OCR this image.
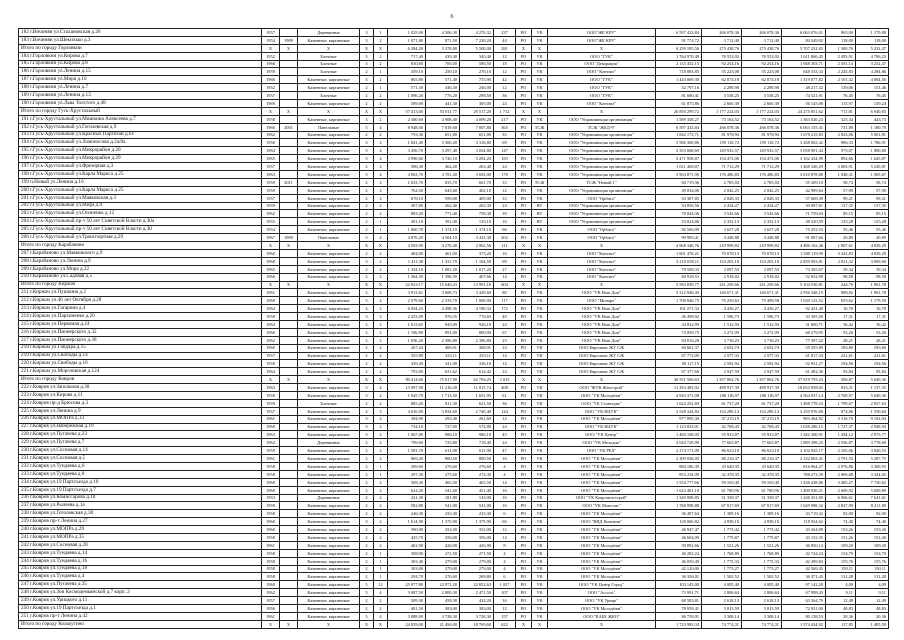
6
182 г.Вичиняи ул.Стахановская д.26	1957		Деревянные	3	1	1 025,00	4 506,30	4 270,32	237	РО	УК	ООО"ЖЕ КРУ"	6 597 433,84	266 078,36	266 078,36	6 063 076,01	865,00	1 179,88
183 г.Вичиняи ул.Шекилько д.3	1954	1989	Каменные, кирпичные	3	2	1 071,80	871,50	7 230,20	44	РО	УК	ООО"ЖЕ КРУ"	91 774,72	3 712,40	3 712,40	84 349,92	118,00	118,00
Итого по городу Горловкни	Х	Х	Х	Х	Х	6 284,20	5 378,80	5 500,00	281	Х	Х	Х	6 259 185,56	275 438,76	275 438,76	5 707 231,83	1 300,76	5 232,47
184 г.Горловкни ул.Кирова д.7	1952		Блочные	3	2	717,40	439,40	340,40	12	РО	УК	ООО "ГУК"	1 764 970,49	76 552,02	76 552,02	1 611 866,45	2 493,91	4 786,23
185 г.Горловкни ул.Кирова д.8	1966		Блочные	3	2	830,60	706,00	586,50	18	РО	УК	ООО "Декорация"	2 133 452,15	92 254,16	92 254,16	1 948 303,71	2 501,14	3 232,47
186 г.Горловкни ул.Ленина д.15	1959		Блочные	2	1	359,10	250,10	276,10	12	РО	УК	ООО "Контакт"	718 883,85	35 225,08	35 225,08	648 333,33	2 245,83	4 284,86
187 г.Горловкни ул.Мира д.10	1966		Каменные, кирпичные	3	2	865,80	571,40	755,90	42	РО	УК	ООО "ГУК"	1 443 069,30	62 074,18	62 074,18	1 319 077,82	2 101,32	4 084,56
188 г.Горловкни ул.Ленина д.7	1952		Каменные, кирпичные	2	1	571,30	346,30	246,00	12	РО	УК	ООО "ГУК"	52 797,16	2 289,98	2 289,98	48 217,32	139,06	151,46
189 г.Горловкни ул.Ленина д.13	1957		Блочные	2	2	1 096,20	776,20	298,50	36	РО	УК	ООО "ГУК"	81 680,41	3 538,25	3 538,25	74 521,91	76,45	76,45
190 г.Горловкни ул.Льва Толстого д.48	1969		Каменные, кирпичные	2	2	589,00	441,30	305,00	24	РО	УК	ООО "Контакт"	61 875,86	2 660,39	2 660,39	56 145,08	113,97	139,24
Итого по городу Гусь-Хрустальный	Х	Х	Х	Х	Х	57 413,00	53 011,77	29 517,20	1 712	Х	Х	Х	26 850 299,72	1 177 224,03	1 177 224,03	24 275 851,62	711,81	6 940,83
191 г.Гусь-Хрустальный ул.Мишкина Алексеева д.7	1958		Каменные, кирпичные	3	2	2 300,60	4 908,40	4 099,20	217	РО	УК	ООО "Управляющая организация"	1 589 358,27	73 164,52	73 164,52	1 363 020,23	325,34	443,73
192 г.Гусь-Хрустальный ул.Гоголевская д.9	1966	2001	Панельные	5	4	8 948,00	7 819,60	7 007,80	365	РО	ТСЖ	ТСЖ "ЖЕД-9"	6 597 433,84	266 078,36	266 078,36	6 063 155,41	731,89	1 180,70
193 г.Гусь-Хрустальный ул.Красных Партизан д.61	1962		Каменные, кирпичные	2	2	793,30	651,80	651,80	35	РО	УК	ООО "Управляющая организация"	1 842 173,71	81 978,94	81 978,94	1 678 215,83	2 823,06	5 001,81
194 г.Гусь-Хрустальный ул.Ломоносова д.2а/8а	1956		Каменные, кирпичные	3	2	1 841,40	3 300,20	3 316,80	69	РО	УК	ООО "Управляющая организация"	3 586 300,86	159 118,72	159 118,72	3 268 063,42	986,33	1 786,91
195 г.Гусь-Хрустальный ул.Микрорайон д.20	1964		Каменные, кирпичные	5	4	3 456,70	3 297,40	3 034,80	147	РО	УК	ООО "Управляющая организация"	3 353 068,69	149 933,57	149 933,57	3 058 901,44	975,07	1 800,80
196 г.Гусь-Хрустальный ул.Микрорайон д.29	1965		Каменные, кирпичные	5	4	3 990,00	3 720,10	3 292,20	183	РО	УК	ООО "Управляющая организация"	3 471 958,87	154 473,06	154 473,06	3 162 434,99	892,66	1 645,87
197 г.Гусь-Хрустальный ул.Фрезерная д.3	1957		Каменные, кирпичные	2	2	586,30	462,20	263,40	24	РО	УК	ООО "Управляющая организация"	1 611 468,87	71 712,29	71 712,29	1 468 320,29	3 003,91	5 249,81
198 г.Гусь-Хрустальный ул.Карла Маркса д.25	1963		Каменные, кирпичные	5	4	4 063,70	3 781,20	3 692,00	178	РО	УК	ООО "Управляющая организация"	3 963 871,96	176 486,83	176 486,83	3 610 878,80	1 048,31	1 905,67
199 п.Новый ул.Ленина д.16	1959	2011	Каменные, кирпичные	2	2	1 033,70	835,70	661,70	33	РО	ТСЖ	ТСЖ "Новый 1"	60 719,36	2 705,04	2 705,04	55 309,18	58,74	58,74
200 г.Гусь-Хрустальный ул.Карла Маркса д.25	1959		Каменные, кирпичные	2	2	764,50	645,60	402,10	12	РО	УК	ООО "Управляющая организация"	49 034,06	2 042,25	2 042,25	42 909,64	57,90	57,90
201 г.Гусь-Хрустальный ул.Маяковская д.3	1957		Каменные, кирпичные	2	2	678,10	599,00	409,00	33	РО	УК	ООО "Орбита"	63 387,85	2 828,33	2 828,33	57 669,39	99,21	99,21
202 г.Гусь-Хрустальный ул.Мира д.9	1959		Каменные, кирпичные	2	2	307,80	262,40	262,30	24	РО	ВТ	ООО "Управляющая организация"	54 856,56	2 434,27	2 434,27	50 087,61	137,35	137,35
203 г.Гусь-Хрустальный ул.Осипенко д.12	1962		Каменные, кирпичные	2	2	883,20	771,40	758,30	39	РО	ВТ	ООО "Управляющая организация"	78 844,36	3 542,66	3 542,66	71 759,04	85,15	85,15
204 г.Гусь-Хрустальный пр-т 50 лет Советской Власти д.30а	1955		Каменные, кирпичные	2	1	491,10	391,40	135,10	10	РО	ВТ	ООО "Управляющая организация"	53 024,86	2 352,13	2 352,13	48 320,59	125,28	125,28
205 г.Гусь-Хрустальный пр-т 50 лет Советской Власти д.30	1954		Каменные, кирпичные	2	1	1 660,70	1 374,10	1 374,10	66	РО	УК	ООО "Орбита"	82 566,09	3 657,28	3 657,28	75 252,53	55,46	55,46
206 г.Гусь-Хрустальный ул.Транспортная д.29	1967	1989	Панельные	5	4	4 876,20	4 504,10	3 441,30	202	РО	УК	ООО "Орбита"	99 985,41	4 448,88	4 448,88	91 087,66	20,89	20,89
Итого по городу Карабаново	Х	Х	Х	Х	Х	4 503,90	4 270,40	2 962,56	111	Х	Х	Х	4 968 346,76	210 999,84	210 999,84	4 486 162,46	1 007,61	4 029,29
207 г.Карабаново ул.Маяковского д.9	1960		Каменные, кирпичные	2	2	404,00	461,00	373,20	16	РО	УК	ООО "Контакт"	1 601 476,21	70 678,13	70 678,13	1 500 119,99	3 322,83	4 029,29
208 г.Карабаново ул.Ленина д.9	1968		Каменные, кирпичные	3	2	1 411,30	1 331,70	1 164,50	69	РО	УК	ООО "Контакт"	3 210 658,11	134 202,18	134 202,18	2 859 903,81	2 811,32	3 969,60
209 г.Карабаново ул.Мира д.22	1965		Каменные, кирпичные	2	2	1 324,10	1 081,20	1 017,20	27	РО	УК	ООО "Контакт"	79 508,33	3 097,53	3 097,53	73 305,67	39,34	39,34
210 г.Карабаново ул.Садовая д.5	1966		Каменные, кирпичные	2	2	1 364,50	1 396,50	407,66	14	РО	УК	ООО "Контакт"	60 918,53	2 918,02	2 918,02	52 832,99	98,58	98,58
Итого по городу Киржач	Х	Х	Х	Х	Х	22 823,17	15 646,23	13 991,18	604	Х	Х	Х	5 583 039,77	241 250,66	241 250,66	5 104 530,81	244,76	1 961,78
211 г.Киржач ул.Пушкина д.2	1961		Каменные, кирпичные	2	2	3 913,61	3 608,73	3 429,60	80	РО	УК	ООО "УК Наш Дом"	3 212 940,43	140 671,31	140 671,31	2 936 348,19	888,82	1 961,78
212 г.Киржач ул.40 лет Октября д.28	1969		Каменные, кирпичные	5	4	2 579,60	2 533,70	1 060,90	117	РО	УК	ООО "Монарх"	1 708 846,75	76 250,63	75 498,58	1 639 123,52	655,62	1 179,50
213 г.Киржач ул.Гагарина д.4	1964		Каменные, кирпичные	4	2	6 054,23	4 498,36	4 190,34	172	РО	УК	ООО "УК Наш Дом"	101 271,34	4 436,27	4 436,27	92 431,49	16,78	16,78
214 г.Киржач ул.Пархоменко д.20	1959		Каменные, кирпичные	3	3	2 253,09	976,35	776,65	40	РО	УК	ООО "УК Наш Дом"	36 498,92	1 596,73	1 596,73	33 305,50	17,31	17,31
215 г.Киржач ул.Первомая д.24	1963		Каменные, кирпичные	2	2	1 013,65	945,09	926,10	24	РО	УК	ООО "УК Наш Дом"	34 832,99	1 512,94	1 512,94	31 806,71	36,42	36,42
216 г.Киржач ул.Пионерского д.32	1966		Каменные, кирпичные	2	2	1 106,90	891,00	800,90	67	РО	УК	ООО "УК Наш Дом"	74 850,75	3 272,99	3 272,99	68 279,95	53,26	53,26
217 г.Киржач ул.Пионерского д.38	1962		Каменные, кирпичные	2	2	1 036,20	2 396,80	2 396,80	23	РО	УК	ООО "УК Наш Дом"	84 816,28	3 710,23	3 710,23	77 397,22	28,21	28,21
218 г.Киржач ул.Гайдара д.15	1960		Каменные, кирпичные	2	2	267,24	406,91	368,91	24	РО	УК	ООО Евролюкс ЖУ СЖ	60 661,37	2 653,74	2 653,74	55 355,89	183,80	183,80
219 г.Киржач ул.Свободы д.14	1957		Каменные, кирпичные	2	2	355,80	333,11	333,11	14	РО	УК	ООО Евролюкс ЖУ СЖ	67 772,00	2 977,33	2 977,33	61 817,34	221,61	221,61
220 г.Киржач ул.Свободы д.16	1958		Каменные, кирпичные	2	2	339,20	341,00	336,10	14	РО	УК	ООО Евролюкс ЖУ СЖ	58 117,15	2 592,94	2 592,94	52 931,27	194,56	194,56
221 г.Киржач ул.Морозовская д.124	1964		Каменные, кирпичные	2	2	793,00	631,62	614,42	24	РО	УК	ООО Евролюкс ЖУ СЖ	67 377,66	2 947,59	2 947,59	61 482,36	93,84	93,84
Итого по городу Ковров	Х	Х	Х	Х	Х	80 414,60	75 617,80	62 794,25	3 015	Х	Х	Х	40 551 566,63	1 357 062,76	1 357 062,76	37 819 793,23	506,87	5 040,36
222 г.Ковров ул.Запольная д.30	1963		Каменные, кирпичные	5	4	13 097,90	11 216,20	11 015,74	408	РО	УК	ООО "ЖУК Жилстрой"	11 353 483,92	488 937,30	488 937,30	10 653 958,02	833,31	1 137,35
223 г.Ковров ул.Кирова д.11	1958		Каменные, кирпичные	3	2	1 945,70	1 713,50	1 651,95	61	РО	УК	ООО "УК Молодёжн"	4 943 371,08	188 116,97	188 116,97	4 564 937,14	2 768,97	5 040,36
224 г.Ковров пр-д Брюсова д.3	1959		Блочные	2	2	885,20	811,30	621,50	36	РО	УК	ООО "УК Созвездие"	1 622 252,69	61 737,20	61 737,20	1 498 778,33	1 799,07	2 827,63
225 г.Ковров ул.Ленина д.9	1957		Каменные, кирпичные	4	3	4 016,00	3 834,60	2 740,40	144	РО	УК	ООО "УК ВЦУК"	3 528 344,84	134 280,13	134 280,13	3 259 976,69	874,06	1 550,84
226 г.Ковров ул.МОПРа д.33	1961		Каменные, кирпичные	3	2	394,90	293,40	261,60	12	РО	УК	ООО "УК Молодёжн"	977 895,30	37 215,19	37 215,19	903 464,92	3 316,70	9 192,04
227 г.Ковров ул.Набережная д.19	1960		Каменные, кирпичные	3	2	734,10	727,90	574,80	24	РО	УК	ООО "УК ВЦУК"	1 123 823,01	42 768,43	42 768,43	1 038 286,15	1 727,37	2 948,94
228 г.Ковров ул.Пугачева д.23	1963		Каменные, кирпичные	3	2	1 067,00	986,10	986,10	45	РО	УК	ООО "УК Центр"	1 469 168,05	55 933,87	55 933,87	1 342 300,91	1 394,12	2 975,77
229 г.Ковров ул.Пугачева д.7	1962		Деревянные	2	2	799,60	725,80	718,40	24	РО	УК	ООО "УК Мелодия"	2 044 729,99	77 665,87	77 665,87	1 889 398,25	2 556,87	3 778,60
230 г.Ковров ул.Сосновая д.14	1959		Каменные, кирпичные	2	2	1 581,70	611,90	611,90	47	РО	УК	ООО "УК РЕЛ"	2 274 171,09	86 623,10	86 623,10	2 102 925,17	2 105,06	3 040,53
231 г.Ковров ул.Сосновая д.5	1961		Каменные, кирпичные	2	2	869,20	800,50	800,50	16	РО	УК	ООО "УК Молодёжн"	2 309 036,05	88 216,37	88 216,37	2 132 603,31	2 791,53	5 287,75
232 г.Ковров ул.Тундяева д.6	1958		Каменные, кирпичные	2	1	299,60	276,60	276,60	4	РО	УК	ООО "УК Молодёжн"	884 186,39	33 640,35	33 640,35	816 864,27	2 976,86	3 360,93
233 г.Ковров ул.Тундяева д.8	1958		Каменные, кирпичные	2	1	297,30	275,60	274,30	4	РО	УК	ООО "УК Молодёжн"	853 234,09	32 478,35	32 478,35	788 273,39	2 869,68	3 324,02
234 г.Ковров ул.19 Партсъезда д.10	1960		Каменные, кирпичные	2	2	508,30	465,50	465,50	14	РО	УК	ООО "УК Молодёжн"	1 554 777,66	59 169,40	59 169,40	1 436 438,86	3 485,27	7 750,82
235 г.Ковров ул.19 Партсъезда д.7	1960		Каменные, кирпичные	2	2	624,20	541,60	451,40	16	РО	УК	ООО "УК Молодёжн"	1 623 481,19	61 780,96	61 780,96	1 499 920,21	2 600,92	5 600,89
236 г.Ковров ул.Комиссарова д.10	1953		Деревянные	2	2	221,30	181,80	143,00	16	РО	УК	ООО "УК Коврлиготстрой"	1 349 008,85	51 358,37	51 358,37	1 246 331,69	6 066,61	7 641,61
237 г.Ковров ул.Рылеева д.1а	1959		Каменные, кирпичные	2	2	582,80	541,00	541,00	16	РО	УК	ООО "УК Монолит"	1 768 998,88	67 917,69	67 917,69	1 629 988,32	2 827,99	8 211,80
238 г.Ковров ул.Гоголевская д.30	1958		Каменные, кирпичные	2	2	246,30	233,30	233,30	6	РО	УК	ООО "УК Молодёжн"	36 497,64	1 389,16	1 389,16	33 719,32	92,00	92,00
239 г.Ковров пр-т Ленина д.27	1960		Каменные, кирпичные	3	2	1 614,90	1 375,90	1 375,90	60	РО	УК	ООО "ВИД Компани"	128 060,82	4 958,10	4 958,10	118 924,62	74,40	74,40
240 г.Ковров ул.МОПРа д.29	1960		Каменные, кирпичные	2	2	390,00	352,00	352,00	12	РО	УК	ООО "УК Молодёжн"	46 947,47	1 773,42	1 773,42	43 424,09	153,26	153,26
241 г.Ковров ул.МОПРа д.35	1958		Каменные, кирпичные	2	2	425,70	356,00	356,00	14	РО	УК	ООО "УК Молодёжн"	46 604,09	1 775,87	1 775,87	43 132,35	151,26	151,26
242 г.Ковров ул.Сосновая д.28	1961		Каменные, кирпичные	2	2	462,90	426,90	426,90	8	РО	УК	ООО "УК Молодёжн"	39 892,66	1 521,26	1 521,26	36 850,14	109,20	109,20
243 г.Ковров ул.Тундяева д.14	1958		Каменные, кирпичные	2	1	308,00	271,50	271,50	4	РО	УК	ООО "УК Молодёжн"	46 282,24	1 768,89	1 768,89	42 744,24	154,79	154,79
244 г.Ковров ул.Тундяева д.16	1958		Каменные, кирпичные	2	1	303,40	279,00	279,00	4	РО	УК	ООО "УК Молодёжн"	46 050,49	1 775,33	1 775,33	42 499,84	155,76	155,76
245 г.Ковров ул.Тундяева д.18	1958		Каменные, кирпичные	2	1	303,00	279,00	279,00	4	РО	УК	ООО "УК Молодёжн"	42 120,00	1 775,27	1 775,27	42 569,45	150,11	150,11
246 г.Ковров ул.Тундяева д.4	1958		Каменные, кирпичные	2	1	294,70	276,60	269,80	6	РО	УК	ООО "УК Молодёжн"	36 356,01	1 502,52	1 502,52	36 371,43	131,28	131,28
247 г.Ковров ул.Пугачева д.35	1960		Каменные, кирпичные	5	12	25 977,80	23 971,20	22 852,63	1 027	РО	УК	ООО "УК Центр Город"	103 145,00	4 005,40	4 005,40	97 142,20	4,09	4,09
248 г.Ковров ул.Зои Космодемьянской д.7 корп. 2	1962		Каменные, кирпичные	5	4	3 087,50	2 800,30	2 471,50	107	РО	УК	ООО "Ассоль"	73 991,71	2 806,64	2 806,64	67 998,43	9,11	9,11
249 г.Ковров ул.Урицкого д.11	1957		Каменные, кирпичные	2	2	509,30	458,30	434,20	16	РО	УК	ООО "УК Урицк"	68 583,81	2 618,13	2 618,13	63 364,79	12,49	12,49
250 г.Ковров ул.19 Партсъезда д.1	1956		Каменные, кирпичные	2	2	481,50	383,00	383,00	12	РО	УК	ООО "УК Молодёжн"	78 958,41	3 013,59	3 013,59	72 931,00	48,83	48,83
251 г.Ковров пр-т Ленина д.42	1961		Каменные, кирпичные	5	4	3 888,00	3 728,30	3 728,30	157	РО	УК	ООО "КАБЕ ЖКО"	86 758,01	3 308,14	3 308,14	80 138,53	20,36	20,36
Итого по городу Кольчугино	Х	Х	Х	Х	Х	24 059,00	21 494,00	18 769,60	622	Х	Х	Х	1 723 983,34	74 774,31	74 774,31	1 574 434,92	117,85	1 485,59
